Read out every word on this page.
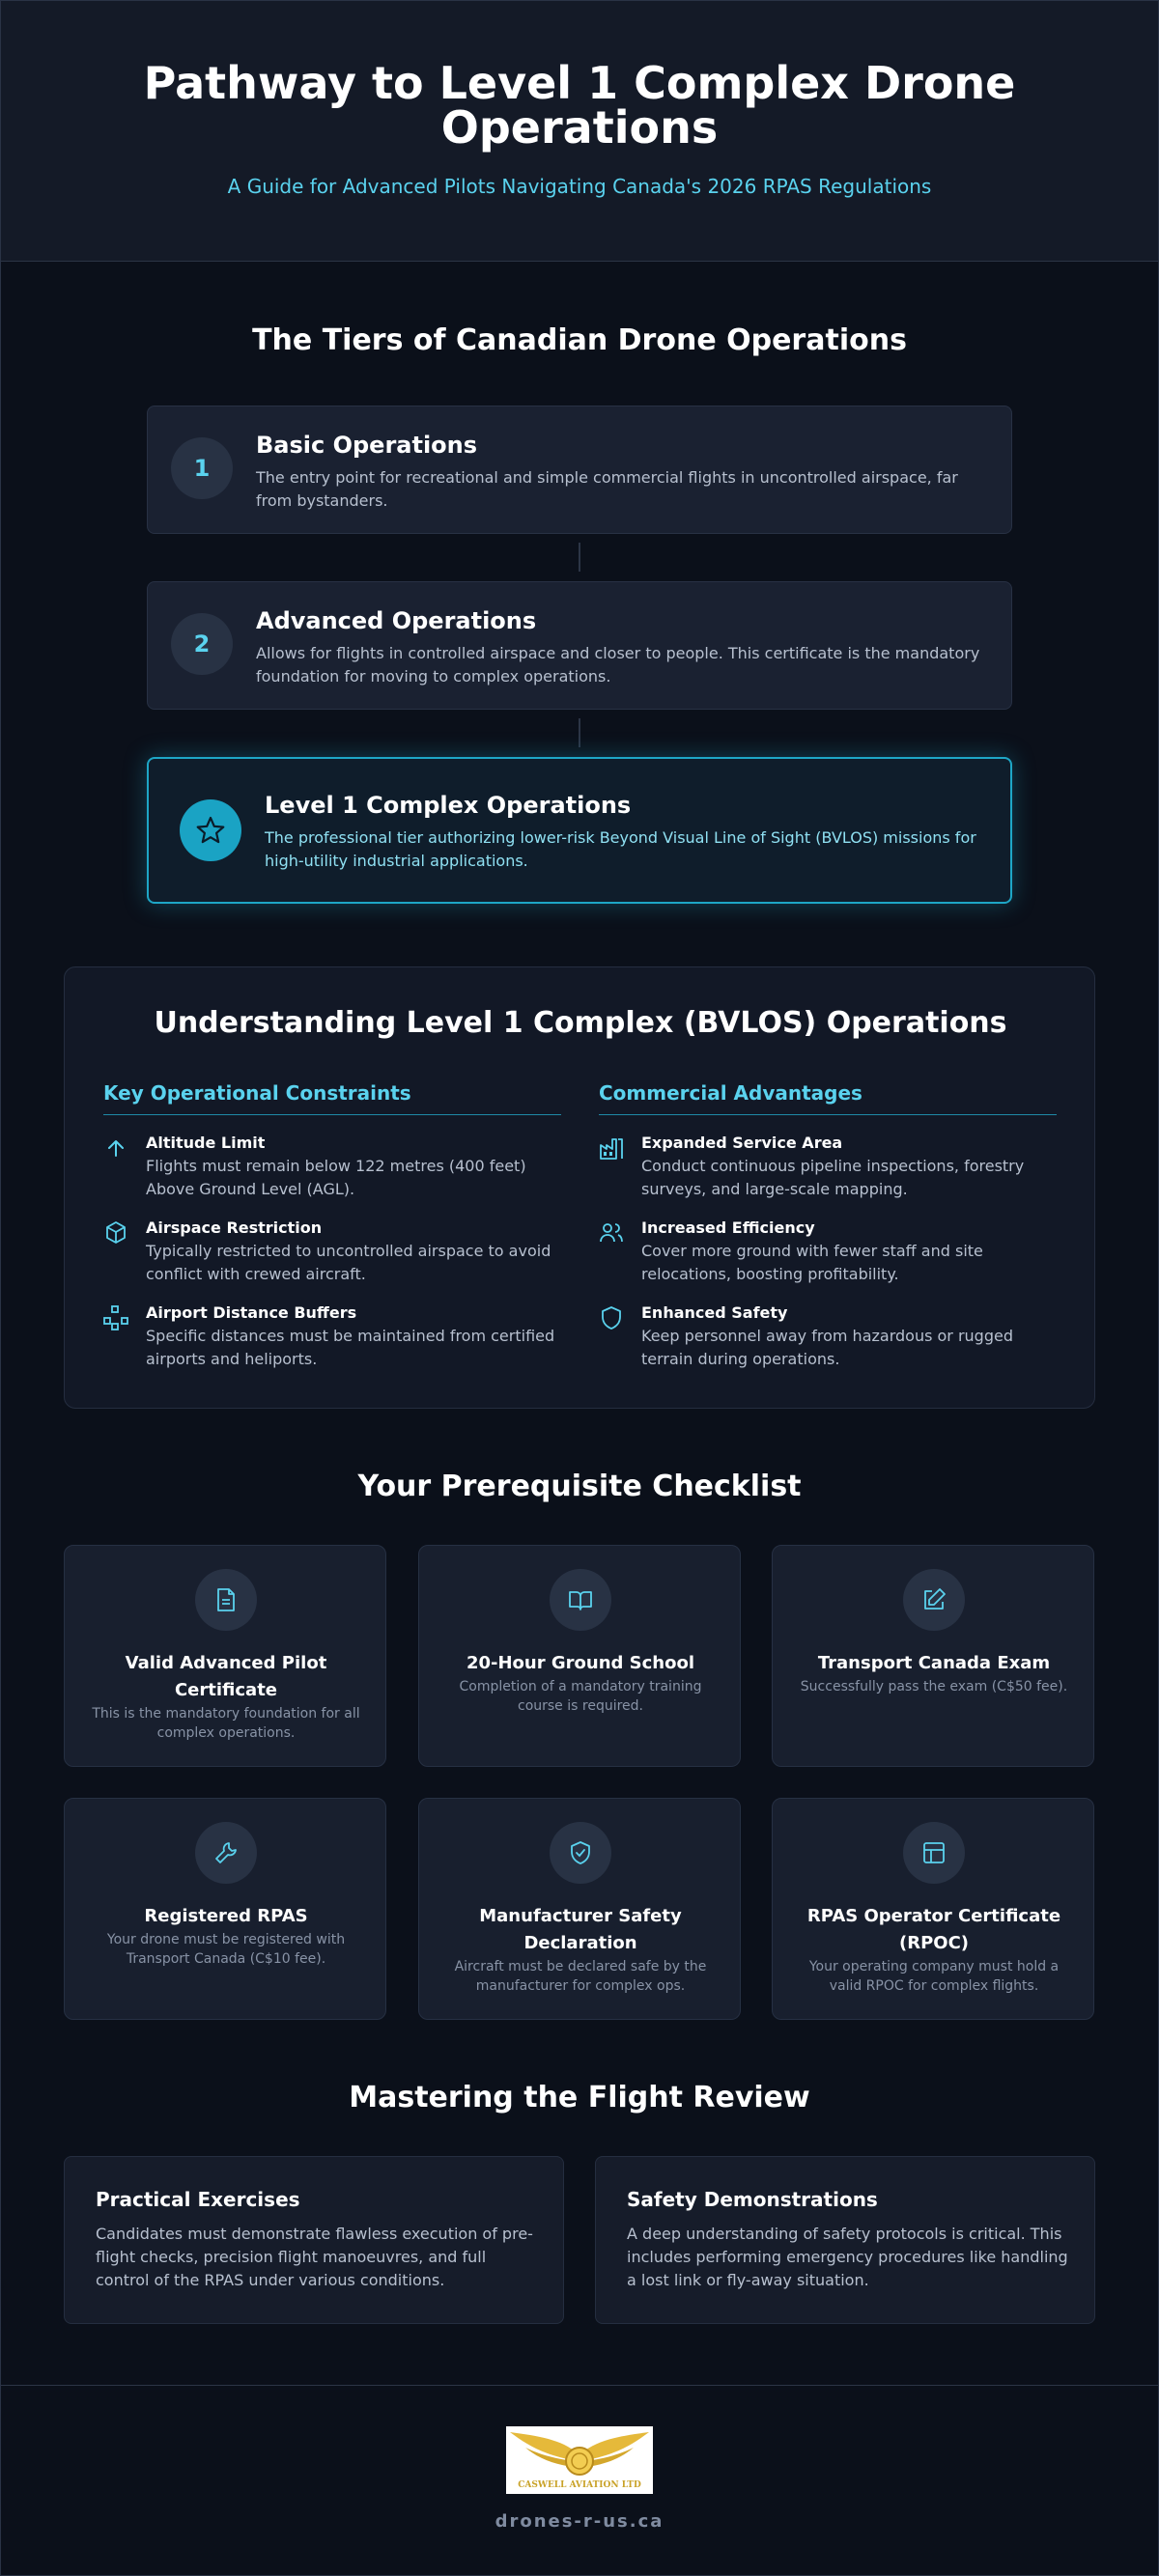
Pathway to Level 1 Complex Drone Operations
A Guide for Advanced Pilots Navigating Canada's 2026 RPAS Regulations
The Tiers of Canadian Drone Operations
1
Basic Operations
The entry point for recreational and simple commercial flights in uncontrolled airspace, far from bystanders.
2
Advanced Operations
Allows for flights in controlled airspace and closer to people. This certificate is the mandatory foundation for moving to complex operations.
Level 1 Complex Operations
The professional tier authorizing lower-risk Beyond Visual Line of Sight (BVLOS) missions for high-utility industrial applications.
Understanding Level 1 Complex (BVLOS) Operations
Key Operational Constraints	Commercial Advantages
Altitude Limit
Flights must remain below 122 metres (400 feet) Above Ground Level (AGL).
Airspace Restriction
Typically restricted to uncontrolled airspace to avoid conflict with crewed aircraft.
Airport Distance Buffers
Specific distances must be maintained from certified airports and heliports.
Expanded Service Area
Conduct continuous pipeline inspections, forestry surveys, and large-scale mapping.
Increased Efficiency
Cover more ground with fewer staff and site relocations, boosting profitability.
Enhanced Safety
Keep personnel away from hazardous or rugged terrain during operations.
Your Prerequisite Checklist
Valid Advanced Pilot Certificate
This is the mandatory foundation for all complex operations.
20-Hour Ground School
Completion of a mandatory training course is required.
Transport Canada Exam
Successfully pass the exam (C$50 fee).
Registered RPAS
Your drone must be registered with Transport Canada (C$10 fee).
Manufacturer Safety Declaration
Aircraft must be declared safe by the manufacturer for complex ops.
RPAS Operator Certificate (RPOC)
Your operating company must hold a valid RPOC for complex flights.
Mastering the Flight Review
Practical Exercises
Candidates must demonstrate flawless execution of pre-flight checks, precision flight manoeuvres, and full control of the RPAS under various conditions.
Safety Demonstrations
A deep understanding of safety protocols is critical. This includes performing emergency procedures like handling a lost link or fly-away situation.
CASWELL AVIATION LTD
drones-r-us.ca
